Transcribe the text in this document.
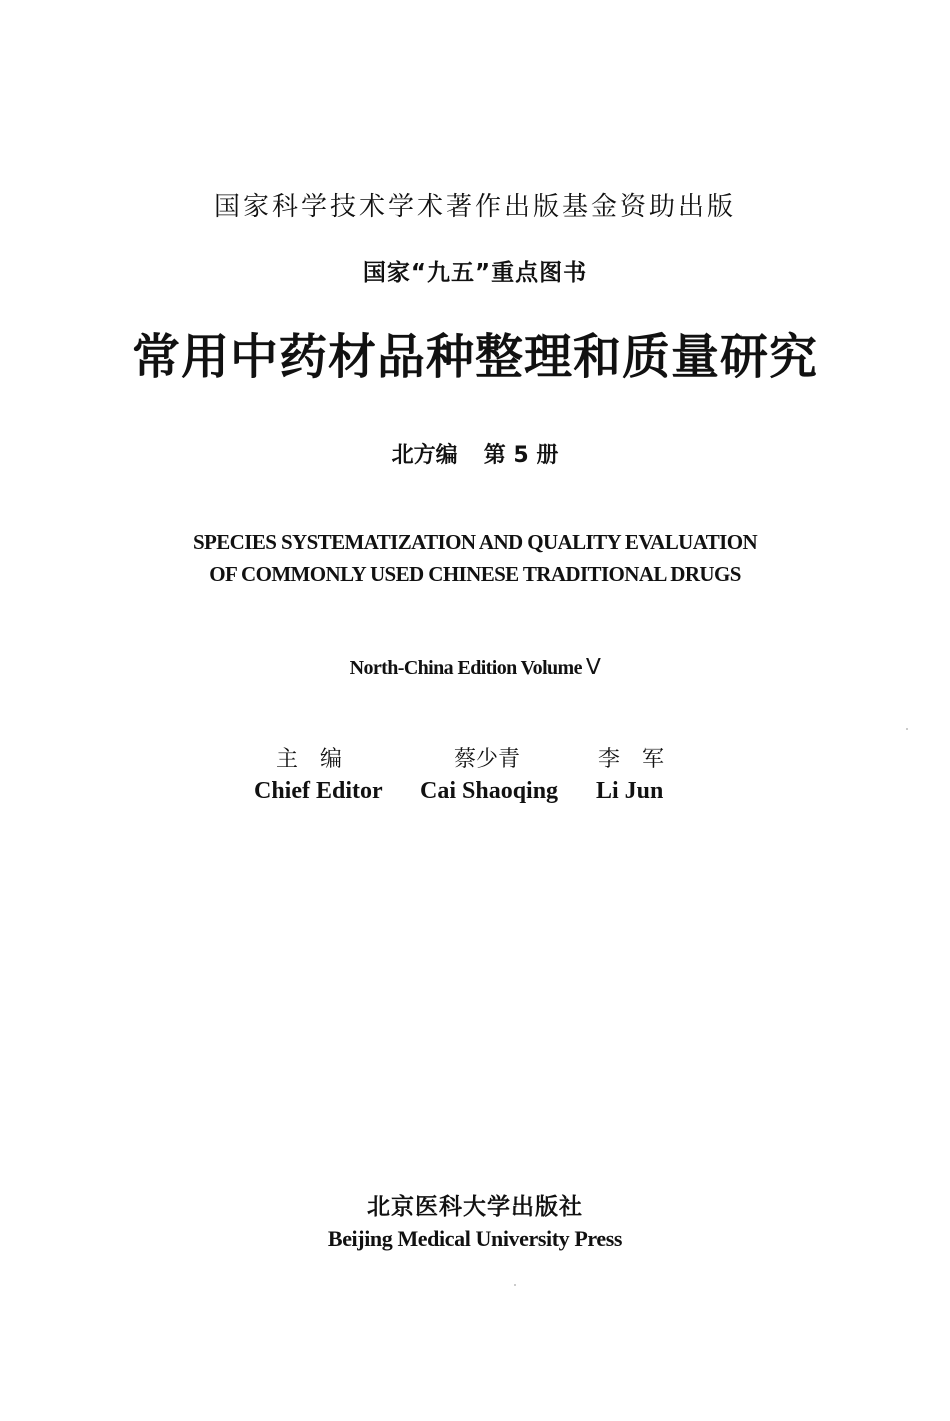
国家科学技术学术著作出版基金资助出版
国家“九五”重点图书
常用中药材品种整理和质量研究
北方编 第 5 册
SPECIES SYSTEMATIZATION AND QUALITY EVALUATION
OF COMMONLY USED CHINESE TRADITIONAL DRUGS
North-China Edition Volume Ⅴ
主　编	蔡少青	李　军
Chief Editor Cai Shaoqing Li Jun
北京医科大学出版社
Beijing Medical University Press
